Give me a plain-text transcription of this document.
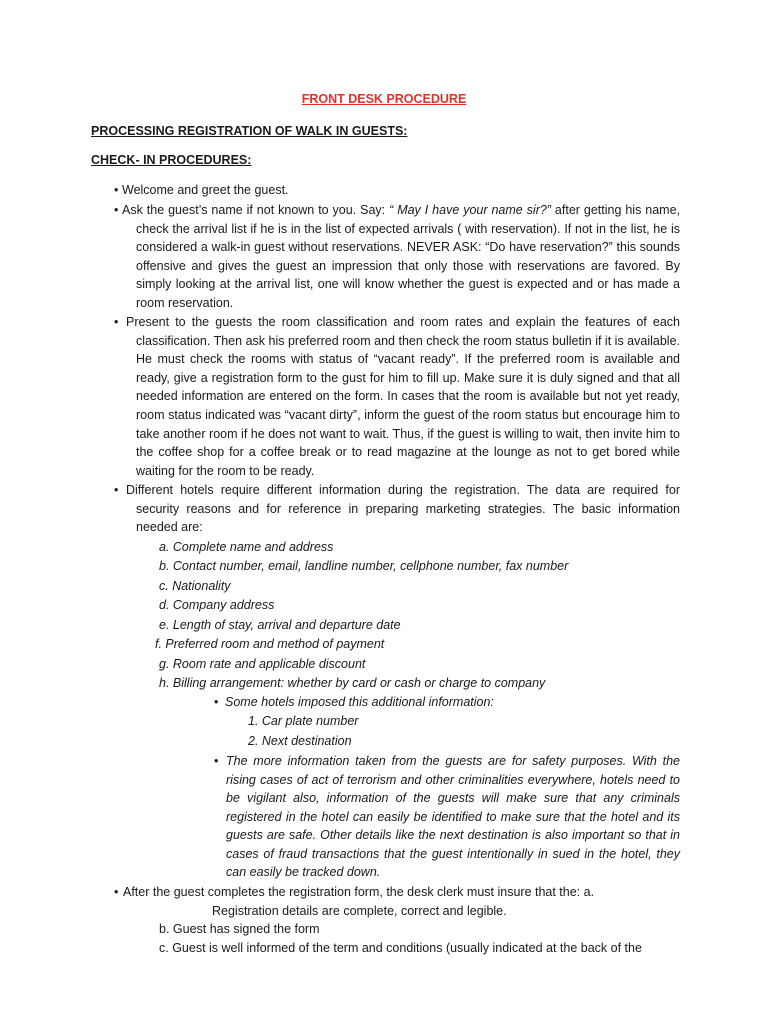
FRONT DESK PROCEDURE
PROCESSING REGISTRATION OF WALK IN GUESTS:
CHECK- IN PROCEDURES:
• Welcome and greet the guest.
• Ask the guest’s name if not known to you. Say: “ May I have your name sir?” after getting his name, check the arrival list if he is in the list of expected arrivals ( with reservation). If not in the list, he is considered a walk-in guest without reservations. NEVER ASK: “Do have reservation?” this sounds offensive and gives the guest an impression that only those with reservations are favored. By simply looking at the arrival list, one will know whether the guest is expected and or has made a room reservation.
• Present to the guests the room classification and room rates and explain the features of each classification. Then ask his preferred room and then check the room status bulletin if it is available. He must check the rooms with status of “vacant ready”. If the preferred room is available and ready, give a registration form to the gust for him to fill up. Make sure it is duly signed and that all needed information are entered on the form. In cases that the room is available but not yet ready, room status indicated was “vacant dirty”, inform the guest of the room status but encourage him to take another room if he does not want to wait. Thus, if the guest is willing to wait, then invite him to the coffee shop for a coffee break or to read magazine at the lounge as not to get bored while waiting for the room to be ready.
• Different hotels require different information during the registration. The data are required for security reasons and for reference in preparing marketing strategies. The basic information needed are:
a. Complete name and address
b. Contact number, email, landline number, cellphone number, fax number
c. Nationality
d. Company address
e. Length of stay, arrival and departure date
f. Preferred room and method of payment
g. Room rate and applicable discount
h. Billing arrangement: whether by card or cash or charge to company
• Some hotels imposed this additional information:
1. Car plate number
2. Next destination
• The more information taken from the guests are for safety purposes. With the rising cases of act of terrorism and other criminalities everywhere, hotels need to be vigilant also, information of the guests will make sure that any criminals registered in the hotel can easily be identified to make sure that the hotel and its guests are safe. Other details like the next destination is also important so that in cases of fraud transactions that the guest intentionally in sued in the hotel, they can easily be tracked down.
• After the guest completes the registration form, the desk clerk must insure that the: a.
Registration details are complete, correct and legible.
b. Guest has signed the form
c. Guest is well informed of the term and conditions (usually indicated at the back of the
